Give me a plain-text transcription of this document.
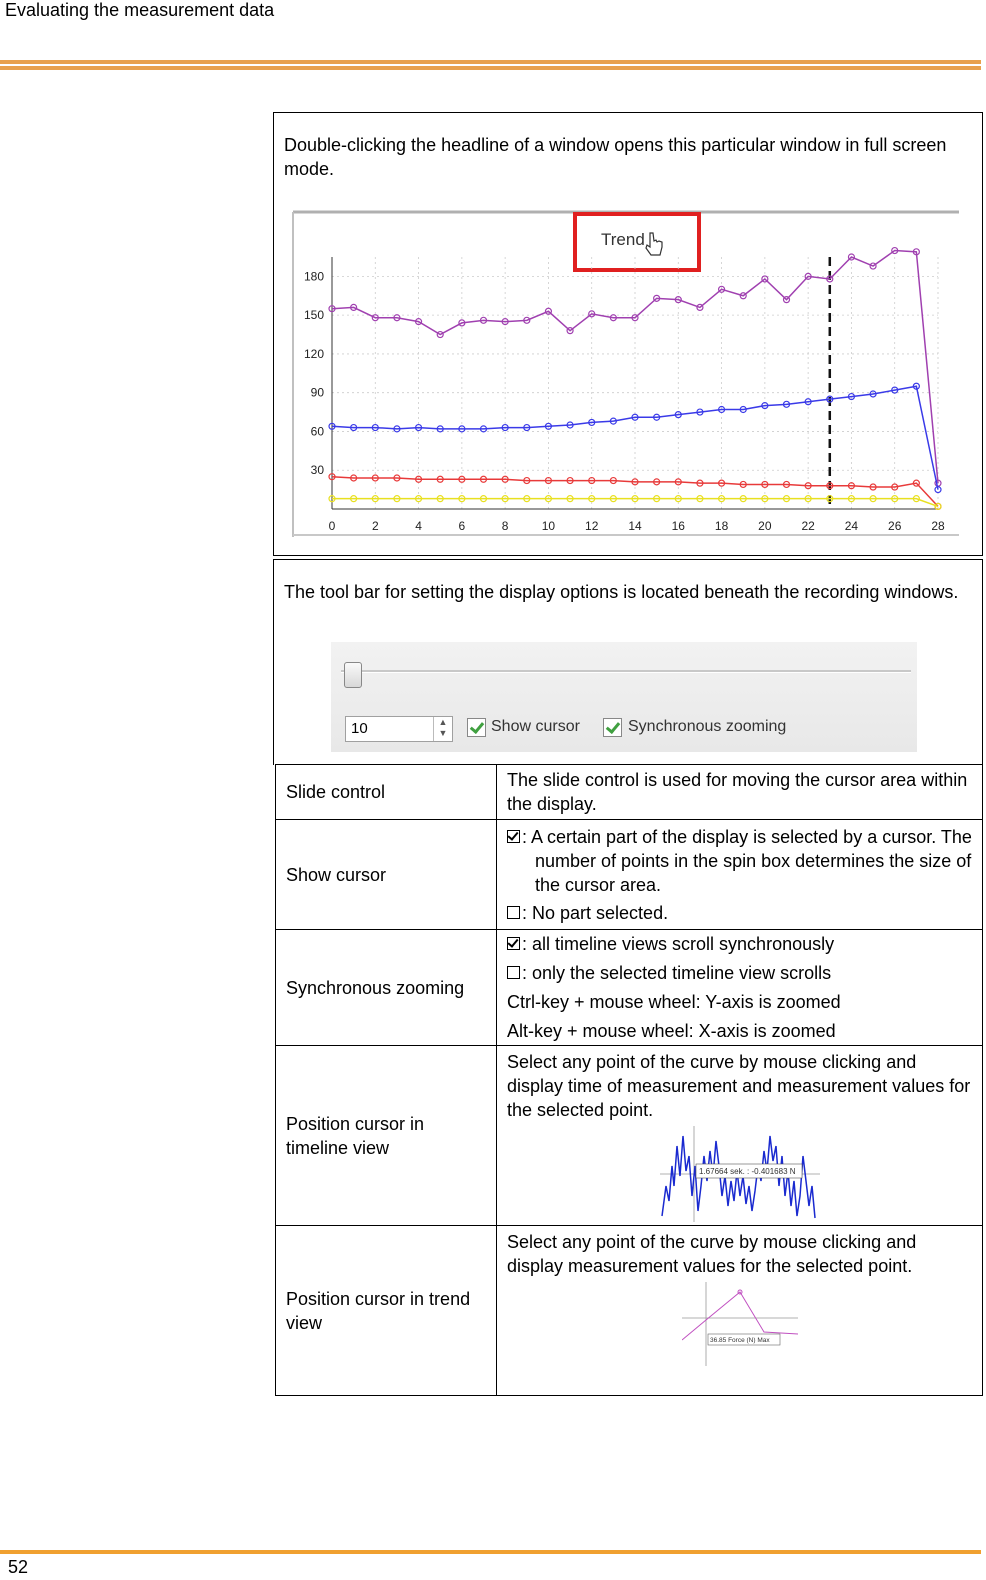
Evaluating the measurement data
Double-clicking the headline of a window opens this particular window in full screen mode.
Trend
0	2	4	6	8	10 12 14 16 18 20 22 24 26 28
30
60
90
120
150
180
The tool bar for setting the display options is located beneath the recording windows.
10	▲
▼	Show cursor	Synchronous zooming
Slide control	The slide control is used for moving the cursor area within the display.
Show cursor	: A certain part of the display is selected by a cursor. The number of points in the spin box determines the size of the cursor area.

: No part selected.

Synchronous zooming	: all timeline views scroll synchronously

: only the selected timeline view scrolls

Ctrl-key + mouse wheel: Y-axis is zoomed

Alt-key + mouse wheel: X-axis is zoomed

Position cursor in timeline view	Select any point of the curve by mouse clicking and display time of measurement and measurement values for the selected point.

1.67664 sek. : -0.401683 N

Position cursor in trend view	Select any point of the curve by mouse clicking and display measurement values for the selected point.

36.85 Force (N) Max
52
